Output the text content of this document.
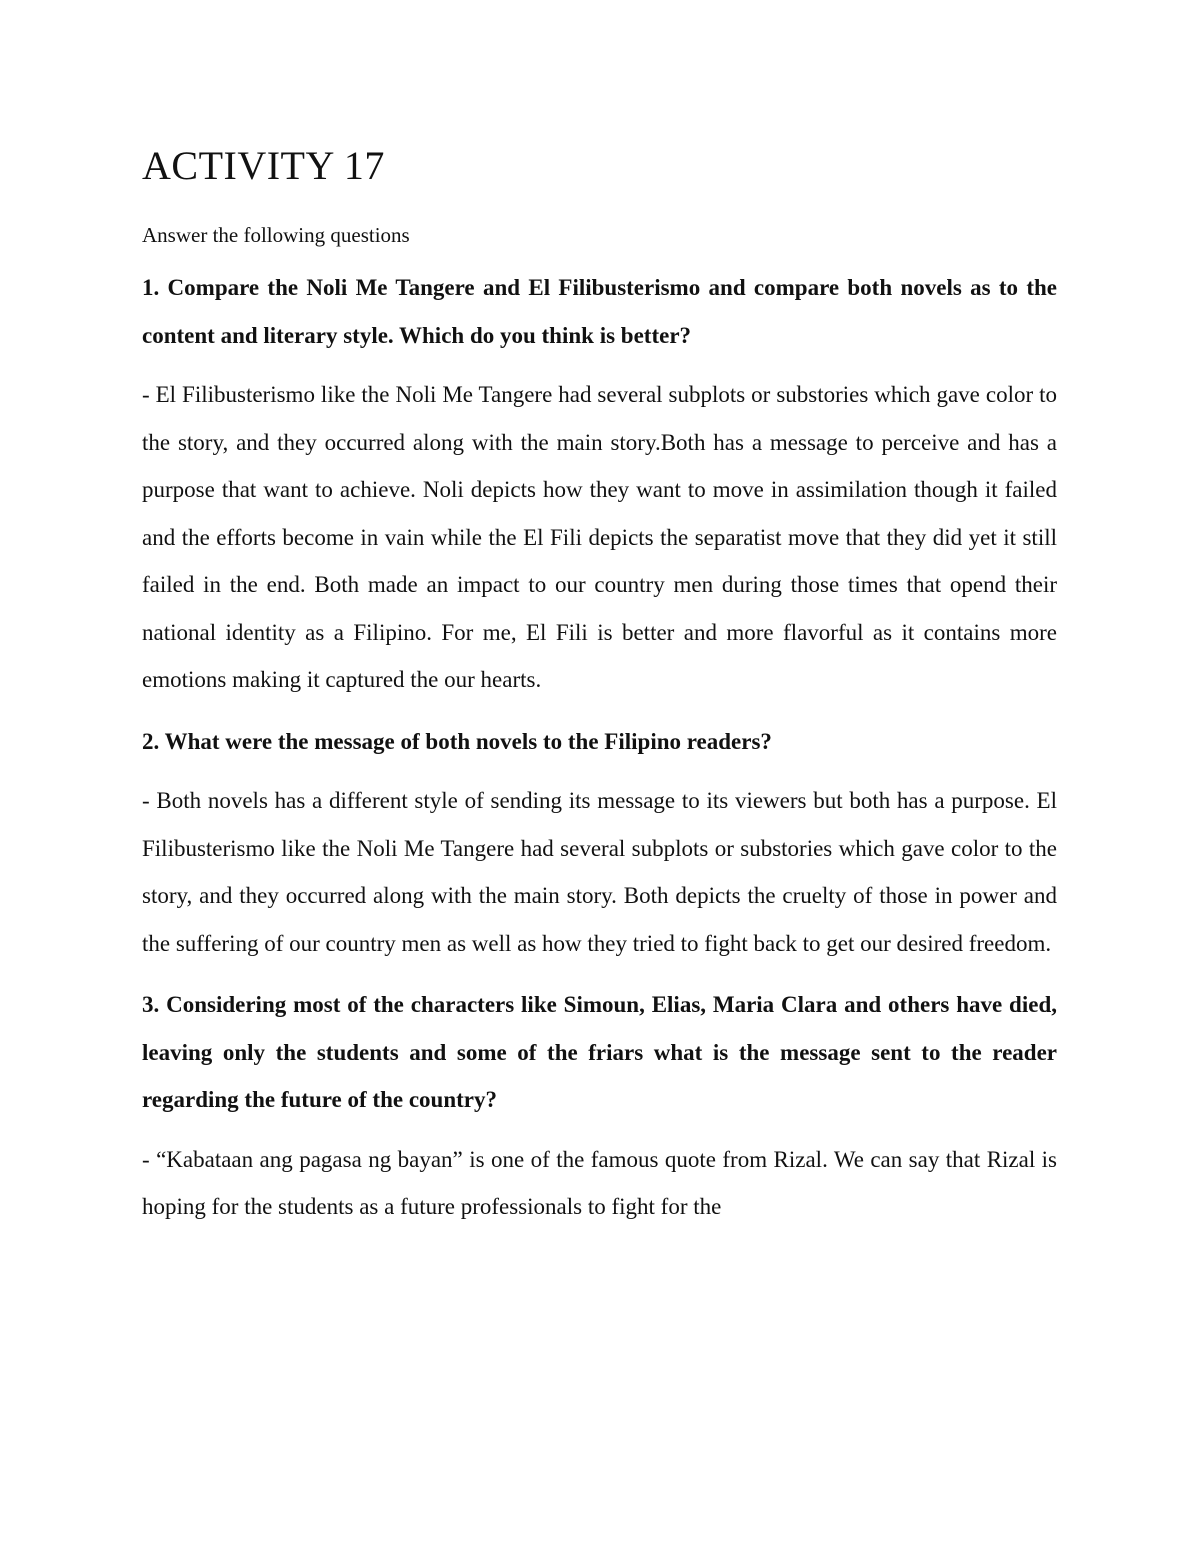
ACTIVITY 17

Answer the following questions

1. Compare the Noli Me Tangere and El Filibusterismo and compare both novels as to the content and literary style. Which do you think is better?

- El Filibusterismo like the Noli Me Tangere had several subplots or substories which gave color to the story, and they occurred along with the main story.Both has a message to perceive and has a purpose that want to achieve. Noli depicts how they want to move in assimilation though it failed and the efforts become in vain while the El Fili depicts the separatist move that they did yet it still failed in the end. Both made an impact to our country men during those times that opend their national identity as a Filipino. For me, El Fili is better and more flavorful as it contains more emotions making it captured the our hearts.

2. What were the message of both novels to the Filipino readers?

- Both novels has a different style of sending its message to its viewers but both has a purpose. El Filibusterismo like the Noli Me Tangere had several subplots or substories which gave color to the story, and they occurred along with the main story. Both depicts the cruelty of those in power and the suffering of our country men as well as how they tried to fight back to get our desired freedom.

3. Considering most of the characters like Simoun, Elias, Maria Clara and others have died, leaving only the students and some of the friars what is the message sent to the reader regarding the future of the country?

- “Kabataan ang pagasa ng bayan” is one of the famous quote from Rizal. We can say that Rizal is hoping for the students as a future professionals to fight for the
